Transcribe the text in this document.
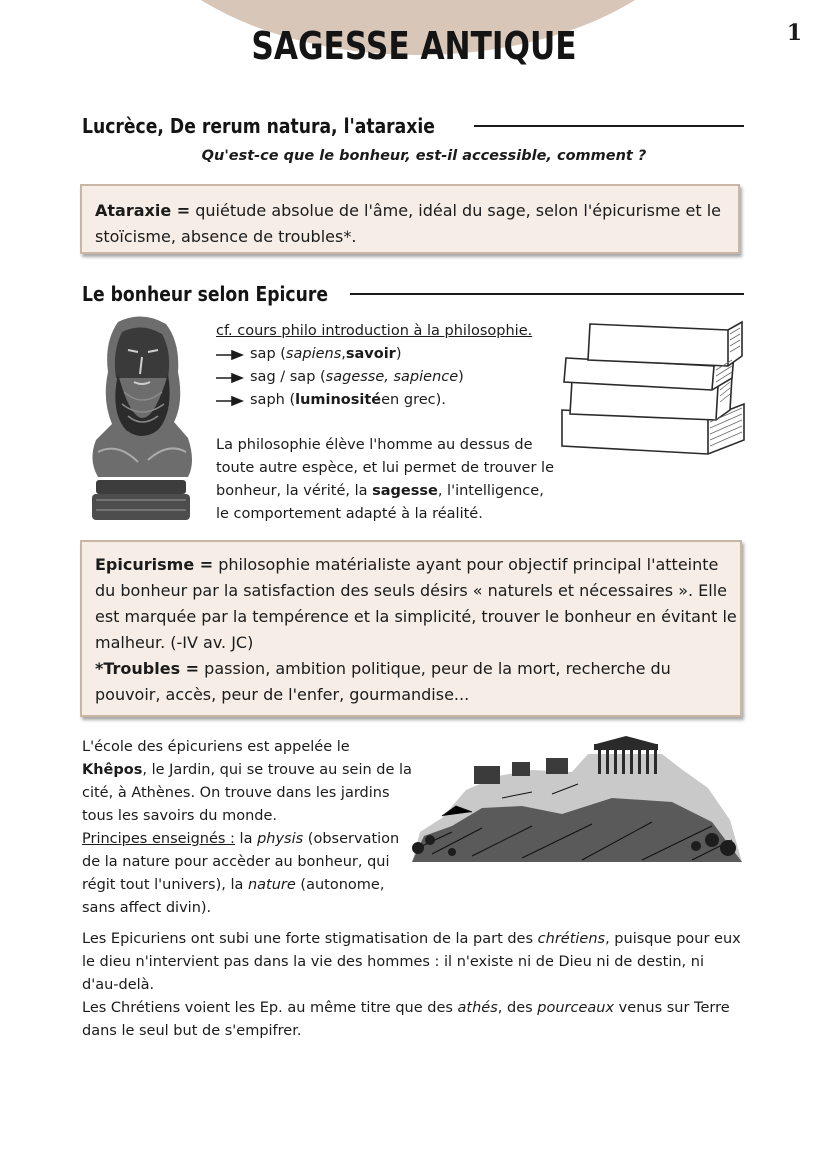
SAGESSE ANTIQUE	1
Lucrèce, De rerum natura, l'ataraxie
Qu'est-ce que le bonheur, est-il accessible, comment ?
Ataraxie = quiétude absolue de l'âme, idéal du sage, selon l'épicurisme et le stoïcisme, absence de troubles*.
Le bonheur selon Epicure
cf. cours philo introduction à la philosophie.
sap ( sapiens , savoir )
sag / sap ( sagesse, sapience )
saph ( luminosité en grec).
La philosophie élève l'homme au dessus de toute autre espèce, et lui permet de trouver le bonheur, la vérité, la sagesse, l'intelligence, le comportement adapté à la réalité.
Epicurisme = philosophie matérialiste ayant pour objectif principal l'atteinte du bonheur par la satisfaction des seuls désirs « naturels et nécessaires ». Elle est marquée par la tempérence et la simplicité, trouver le bonheur en évitant le malheur. (-IV av. JC)
*Troubles = passion, ambition politique, peur de la mort, recherche du pouvoir, accès, peur de l'enfer, gourmandise...
L'école des épicuriens est appelée le Khêpos, le Jardin, qui se trouve au sein de la cité, à Athènes. On trouve dans les jardins tous les savoirs du monde.
Principes enseignés : la physis (observation de la nature pour accèder au bonheur, qui régit tout l'univers), la nature (autonome, sans affect divin).
Les Epicuriens ont subi une forte stigmatisation de la part des chrétiens, puisque pour eux le dieu n'intervient pas dans la vie des hommes : il n'existe ni de Dieu ni de destin, ni d'au-delà.
Les Chrétiens voient les Ep. au même titre que des athés, des pourceaux venus sur Terre dans le seul but de s'empifrer.
